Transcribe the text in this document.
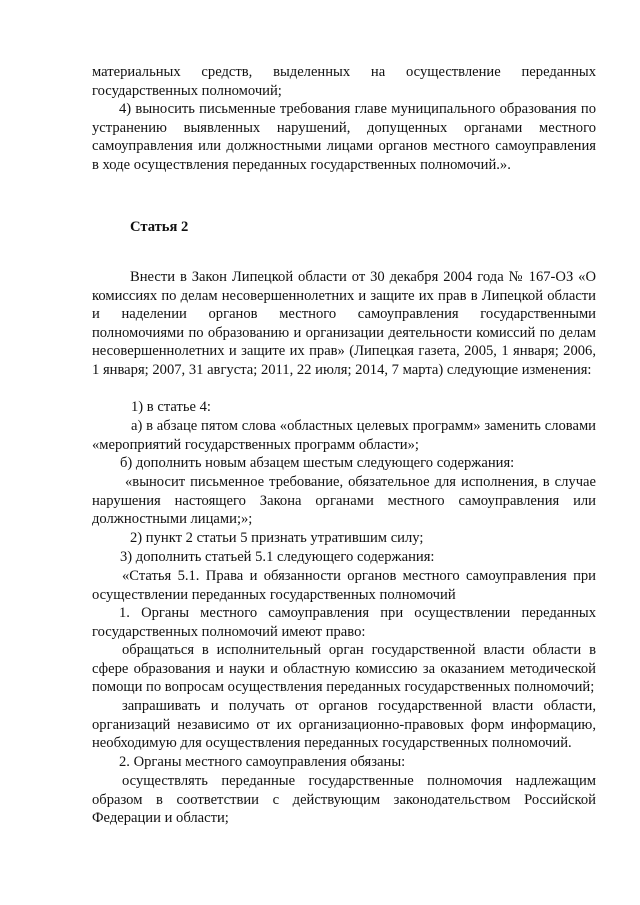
материальных средств, выделенных на осуществление переданных государственных полномочий;

4) выносить письменные требования главе муниципального образования по устранению выявленных нарушений, допущенных органами местного самоуправления или должностными лицами органов местного самоуправления в ходе осуществления переданных государственных полномочий.».

Статья 2

Внести в Закон Липецкой области от 30 декабря 2004 года № 167-ОЗ «О комиссиях по делам несовершеннолетних и защите их прав в Липецкой области и наделении органов местного самоуправления государственными полномочиями по образованию и организации деятельности комиссий по делам несовершеннолетних и защите их прав» (Липецкая газета, 2005, 1 января; 2006, 1 января; 2007, 31 августа; 2011, 22 июля; 2014, 7 марта) следующие изменения:

1) в статье 4:

а) в абзаце пятом слова «областных целевых программ» заменить словами «мероприятий государственных программ области»;

б) дополнить новым абзацем шестым следующего содержания:

«выносит письменное требование, обязательное для исполнения, в случае нарушения настоящего Закона органами местного самоуправления или должностными лицами;»;

2) пункт 2 статьи 5 признать утратившим силу;

3) дополнить статьей 5.1 следующего содержания:

«Статья 5.1. Права и обязанности органов местного самоуправления при осуществлении переданных государственных полномочий

1. Органы местного самоуправления при осуществлении переданных государственных полномочий имеют право:

обращаться в исполнительный орган государственной власти области в сфере образования и науки и областную комиссию за оказанием методической помощи по вопросам осуществления переданных государственных полномочий;

запрашивать и получать от органов государственной власти области, организаций независимо от их организационно-правовых форм информацию, необходимую для осуществления переданных государственных полномочий.

2. Органы местного самоуправления обязаны:

осуществлять переданные государственные полномочия надлежащим образом в соответствии с действующим законодательством Российской Федерации и области;
